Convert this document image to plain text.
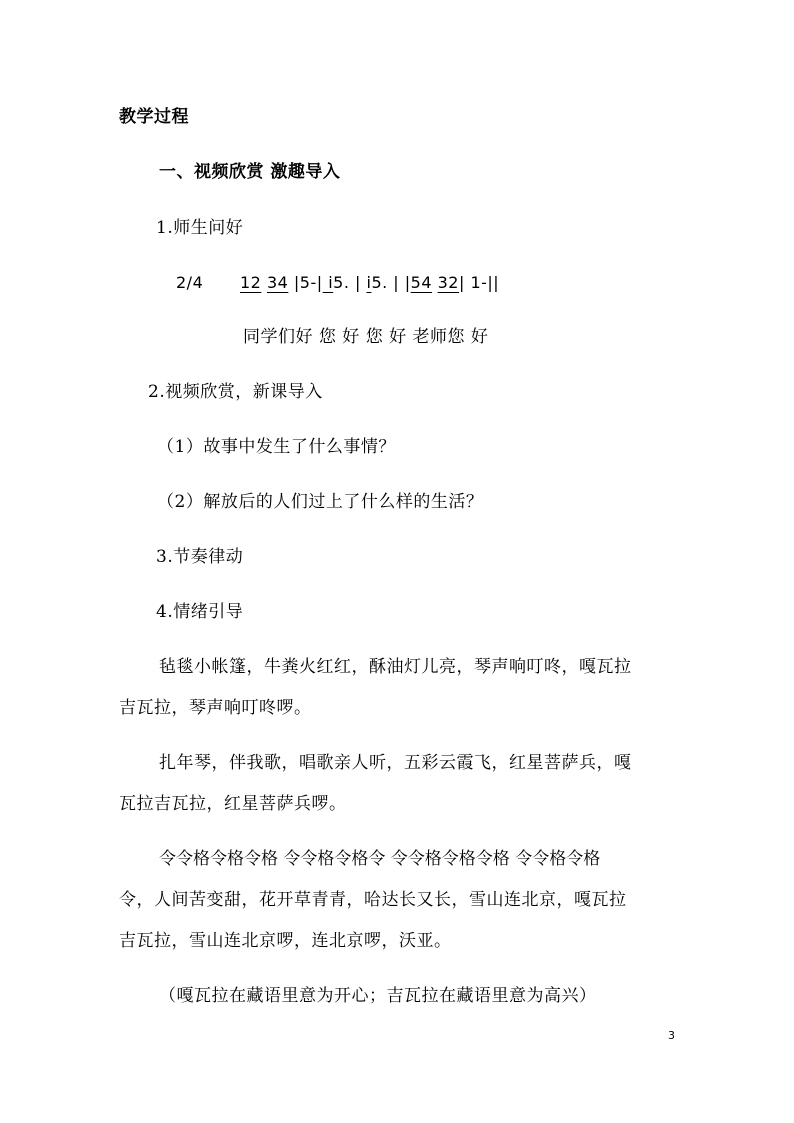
教学过程
一、视频欣赏 激趣导入
1.师生问好
2/4 12 34 |5-| i5. | i5. | |54 32| 1-||
同学们好 您 好 您 好 老师您 好
2.视频欣赏，新课导入
（1）故事中发生了什么事情？
（2）解放后的人们过上了什么样的生活？
3.节奏律动
4.情绪引导
毡毯小帐篷，牛粪火红红，酥油灯儿亮，琴声响叮咚，嘎瓦拉
吉瓦拉，琴声响叮咚啰。
扎年琴，伴我歌，唱歌亲人听，五彩云霞飞，红星菩萨兵，嘎
瓦拉吉瓦拉，红星菩萨兵啰。
令令格令格令格 令令格令格令 令令格令格令格 令令格令格
令，人间苦变甜，花开草青青，哈达长又长，雪山连北京，嘎瓦拉
吉瓦拉，雪山连北京啰，连北京啰，沃亚。
（嘎瓦拉在藏语里意为开心；吉瓦拉在藏语里意为高兴）
3
